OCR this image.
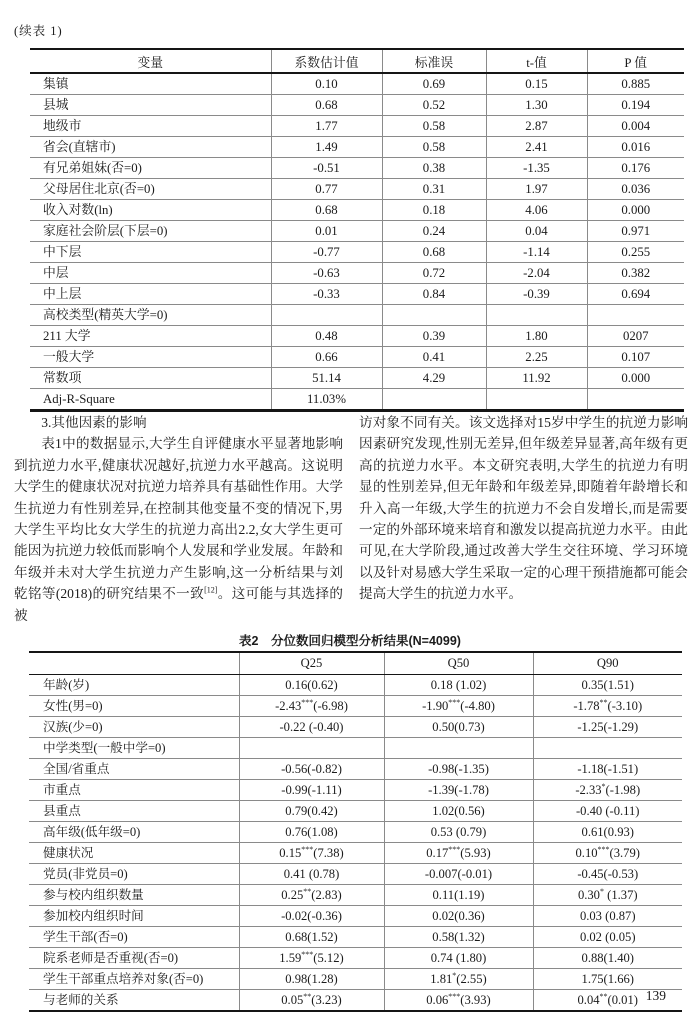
(续表 1)
变量	系数估计值	标准误	t-值	P 值
集镇	0.10	0.69	0.15	0.885
县城	0.68	0.52	1.30	0.194
地级市	1.77	0.58	2.87	0.004
省会(直辖市)	1.49	0.58	2.41	0.016
有兄弟姐妹(否=0)	-0.51	0.38	-1.35	0.176
父母居住北京(否=0)	0.77	0.31	1.97	0.036
收入对数(ln)	0.68	0.18	4.06	0.000
家庭社会阶层(下层=0)	0.01	0.24	0.04	0.971
中下层	-0.77	0.68	-1.14	0.255
中层	-0.63	0.72	-2.04	0.382
中上层	-0.33	0.84	-0.39	0.694
高校类型(精英大学=0)				
211 大学	0.48	0.39	1.80	0207
一般大学	0.66	0.41	2.25	0.107
常数项	51.14	4.29	11.92	0.000
Adj-R-Square	11.03%			

3.其他因素的影响

表1中的数据显示,大学生自评健康水平显著地影响到抗逆力水平,健康状况越好,抗逆力水平越高。这说明大学生的健康状况对抗逆力培养具有基础性作用。大学生抗逆力有性别差异,在控制其他变量不变的情况下,男大学生平均比女大学生的抗逆力高出2.2,女大学生更可能因为抗逆力较低而影响个人发展和学业发展。年龄和年级并未对大学生抗逆力产生影响,这一分析结果与刘乾铭等(2018)的研究结果不一致[12]。这可能与其选择的被

访对象不同有关。该文选择对15岁中学生的抗逆力影响因素研究发现,性别无差异,但年级差异显著,高年级有更高的抗逆力水平。本文研究表明,大学生的抗逆力有明显的性别差异,但无年龄和年级差异,即随着年龄增长和升入高一年级,大学生的抗逆力不会自发增长,而是需要一定的外部环境来培育和激发以提高抗逆力水平。由此可见,在大学阶段,通过改善大学生交往环境、学习环境以及针对易感大学生采取一定的心理干预措施都可能会提高大学生的抗逆力水平。

表2　分位数回归模型分析结果(N=4099)
	Q25	Q50	Q90
年龄(岁)	0.16(0.62)	0.18 (1.02)	0.35(1.51)
女性(男=0)	-2.43***(-6.98)	-1.90***(-4.80)	-1.78**(-3.10)
汉族(少=0)	-0.22 (-0.40)	0.50(0.73)	-1.25(-1.29)
中学类型(一般中学=0)			
全国/省重点	-0.56(-0.82)	-0.98(-1.35)	-1.18(-1.51)
市重点	-0.99(-1.11)	-1.39(-1.78)	-2.33*(-1.98)
县重点	0.79(0.42)	1.02(0.56)	-0.40 (-0.11)
高年级(低年级=0)	0.76(1.08)	0.53 (0.79)	0.61(0.93)
健康状况	0.15***(7.38)	0.17***(5.93)	0.10***(3.79)
党员(非党员=0)	0.41 (0.78)	-0.007(-0.01)	-0.45(-0.53)
参与校内组织数量	0.25**(2.83)	0.11(1.19)	0.30* (1.37)
参加校内组织时间	-0.02(-0.36)	0.02(0.36)	0.03 (0.87)
学生干部(否=0)	0.68(1.52)	0.58(1.32)	0.02 (0.05)
院系老师是否重视(否=0)	1.59***(5.12)	0.74 (1.80)	0.88(1.40)
学生干部重点培养对象(否=0)	0.98(1.28)	1.81*(2.55)	1.75(1.66)
与老师的关系	0.05**(3.23)	0.06***(3.93)	0.04**(0.01) 139
